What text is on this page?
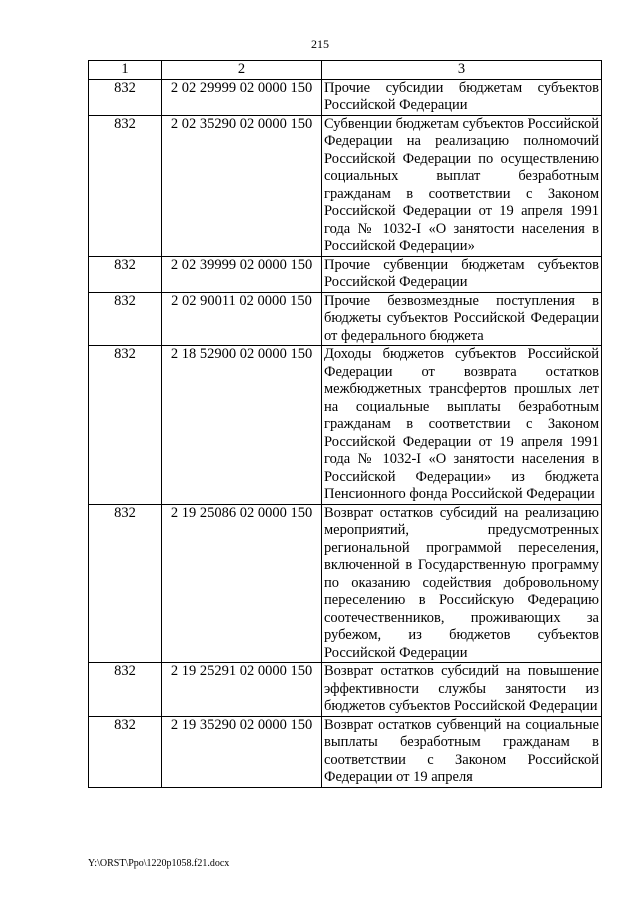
215
1	2	3
832	2 02 29999 02 0000 150	Прочие субсидии бюджетам субъектов Российской Федерации
832	2 02 35290 02 0000 150	Субвенции бюджетам субъектов Российской Федерации на реализацию полномочий Российской Федерации по осуществлению социальных выплат безработным гражданам в соответствии с Законом Российской Федерации от 19 апреля 1991 года № 1032-I «О занятости населения в Российской Федерации»
832	2 02 39999 02 0000 150	Прочие субвенции бюджетам субъектов Российской Федерации
832	2 02 90011 02 0000 150	Прочие безвозмездные поступления в бюджеты субъектов Российской Федерации от федерального бюджета
832	2 18 52900 02 0000 150	Доходы бюджетов субъектов Российской Федерации от возврата остатков межбюджетных трансфертов прошлых лет на социальные выплаты безработным гражданам в соответствии с Законом Российской Федерации от 19 апреля 1991 года № 1032-I «О занятости населения в Российской Федерации» из бюджета Пенсионного фонда Российской Федерации
832	2 19 25086 02 0000 150	Возврат остатков субсидий на реализацию мероприятий, предусмотренных региональной программой переселения, включенной в Государственную программу по оказанию содействия добровольному переселению в Российскую Федерацию соотечественников, проживающих за рубежом, из бюджетов субъектов Российской Федерации
832	2 19 25291 02 0000 150	Возврат остатков субсидий на повышение эффективности службы занятости из бюджетов субъектов Российской Федерации
832	2 19 35290 02 0000 150	Возврат остатков субвенций на социальные выплаты безработным гражданам в соответствии с Законом Российской Федерации от 19 апреля
Y:\ORST\Ppo\1220p1058.f21.docx
